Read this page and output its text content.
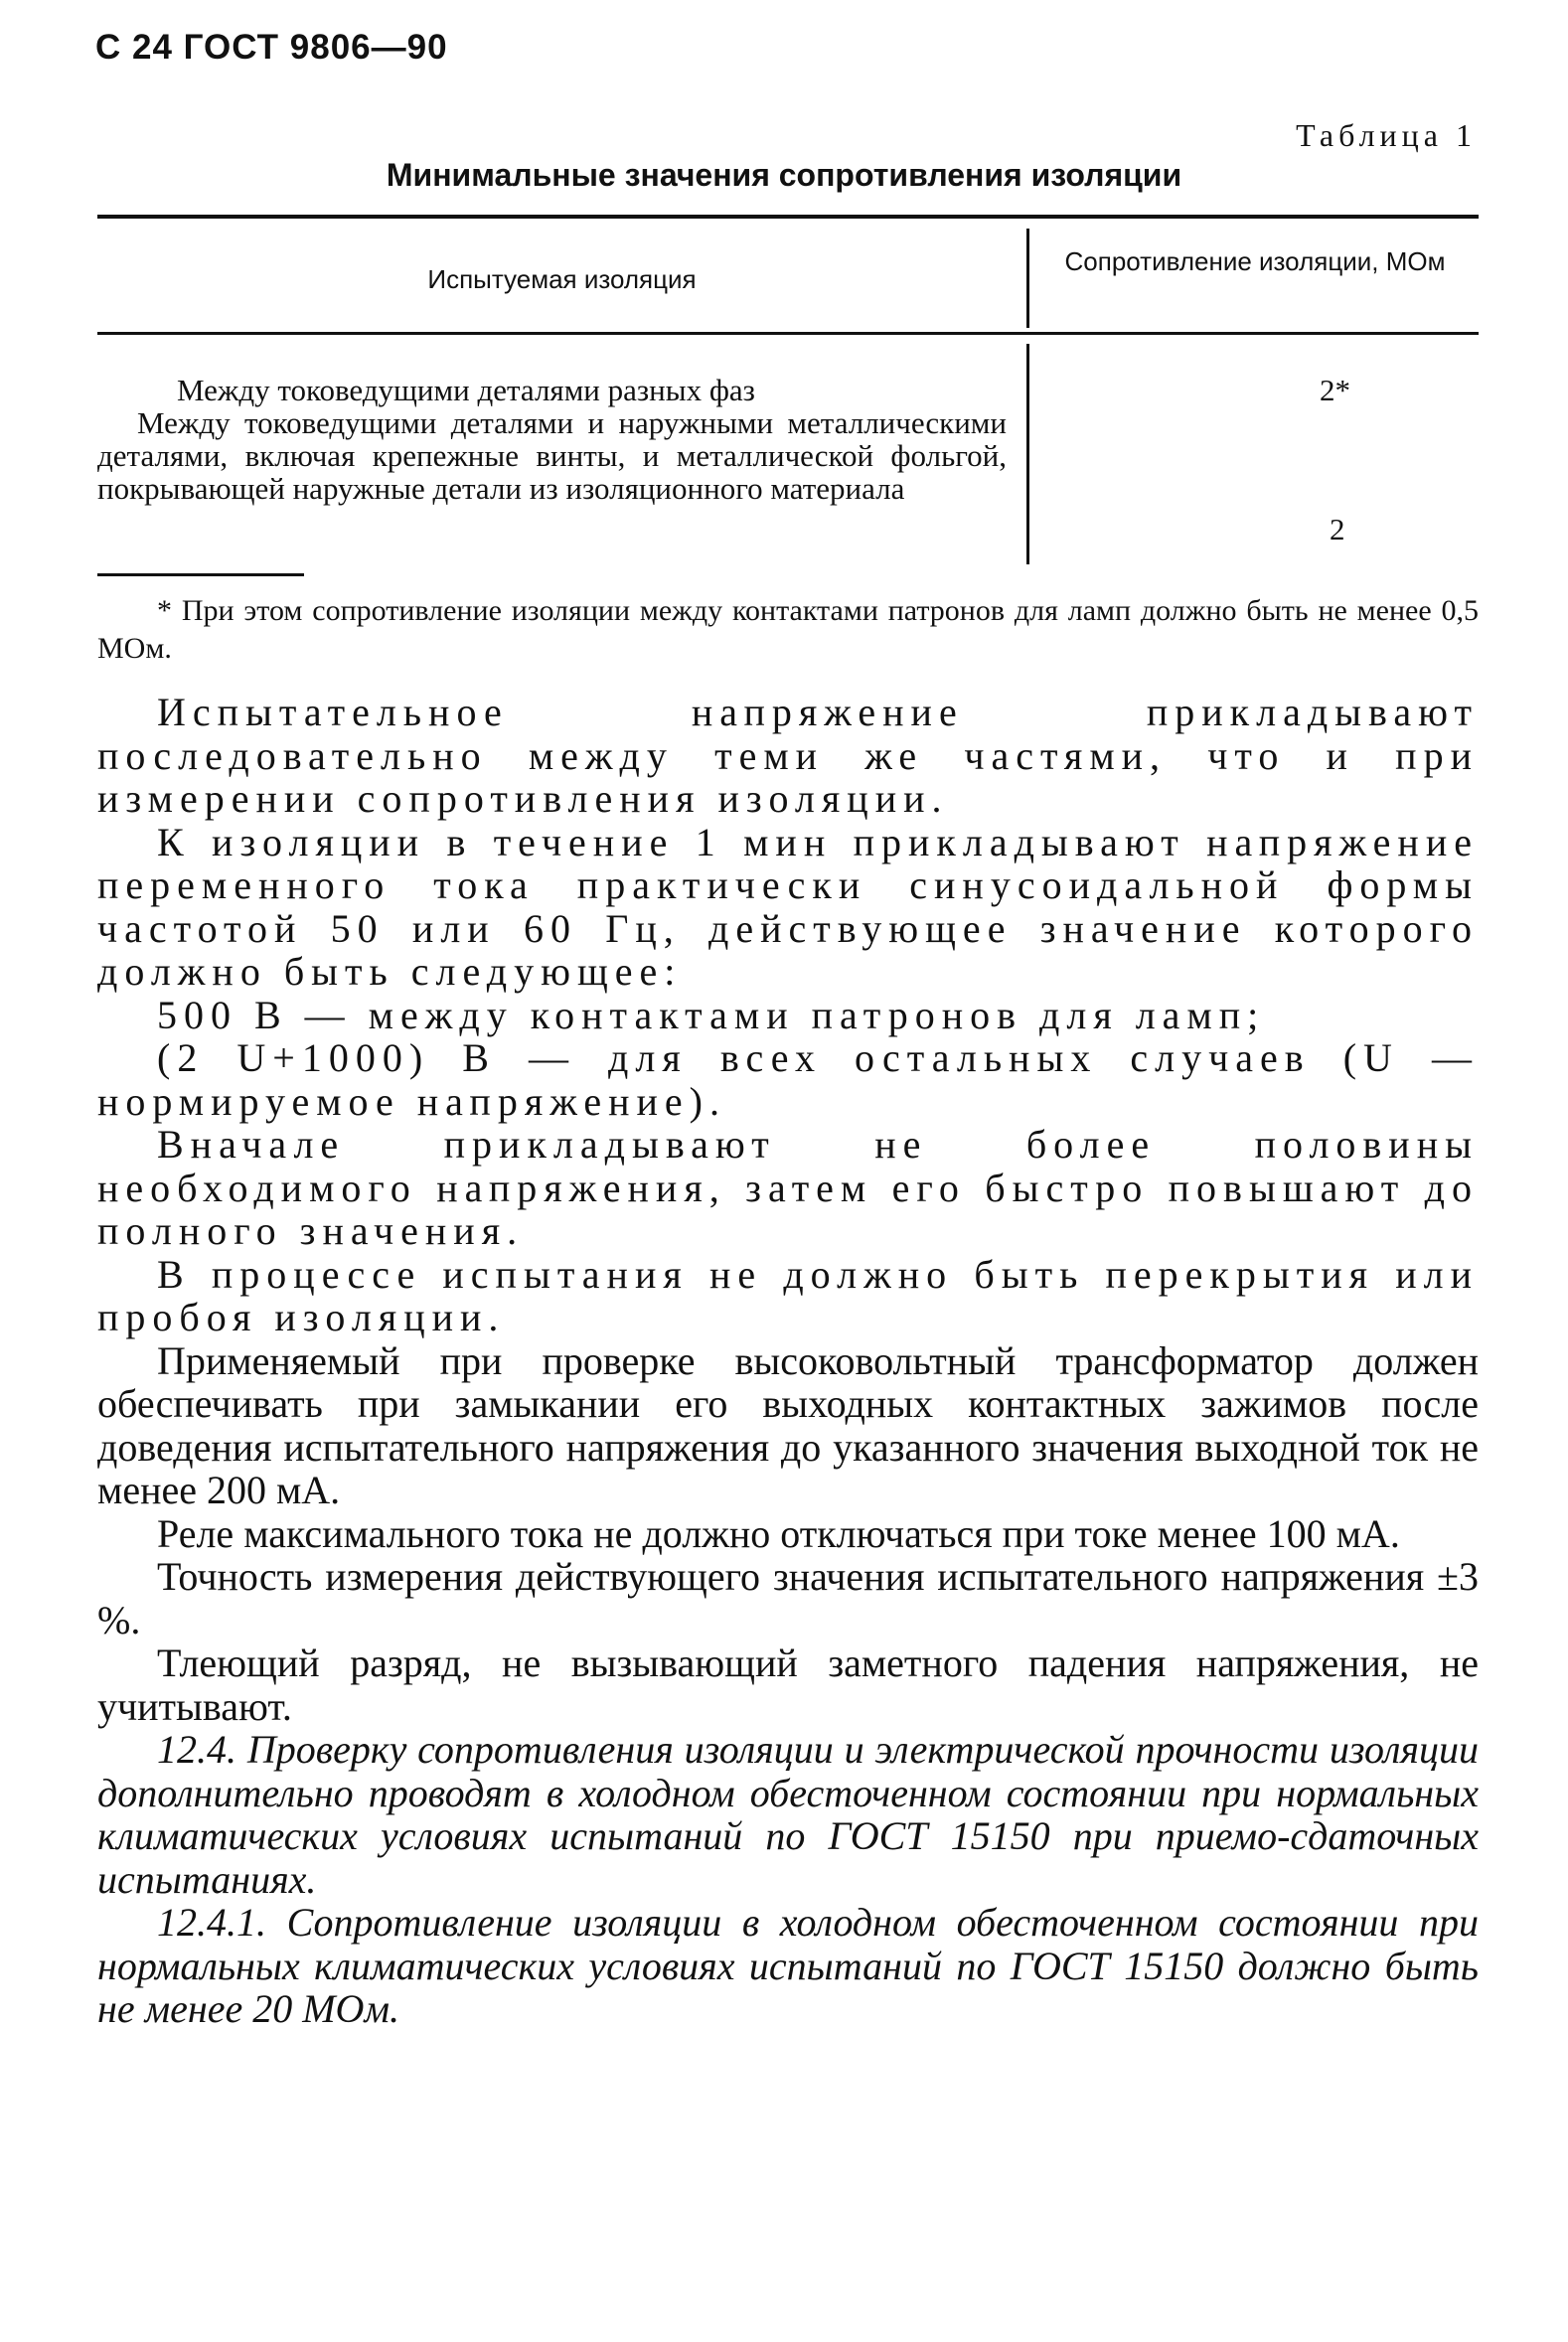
С 24 ГОСТ 9806—90
Таблица 1
Минимальные значения сопротивления изоляции
Испытуемая изоляция
Сопротивление изоляции, МОм
Между токоведущими деталями разных фаз	2*
Между токоведущими деталями и наружными металлическими деталями, включая крепежные винты, и металлической фольгой, покрывающей наружные детали из изоляционного материала
2
* При этом сопротивление изоляции между контактами патронов для ламп должно быть не менее 0,5 МОм.

Испытательное напряжение прикладывают последовательно между теми же частями, что и при измерении сопротивления изоляции.

К изоляции в течение 1 мин прикладывают напряжение переменного тока практически синусоидальной формы частотой 50 или 60 Гц, действующее значение которого должно быть следующее:

500 В — между контактами патронов для ламп;

(2 U+1000) В — для всех остальных случаев (U — нормируемое напряжение).

Вначале прикладывают не более половины необходимого напряжения, затем его быстро повышают до полного значения.

В процессе испытания не должно быть перекрытия или пробоя изоляции.

Применяемый при проверке высоковольтный трансформатор должен обеспечивать при замыкании его выходных контактных зажимов после доведения испытательного напряжения до указанного значения выходной ток не менее 200 мА.

Реле максимального тока не должно отключаться при токе менее 100 мА.

Точность измерения действующего значения испытательного напряжения ±3 %.

Тлеющий разряд, не вызывающий заметного падения напряжения, не учитывают.

12.4. Проверку сопротивления изоляции и электрической прочности изоляции дополнительно проводят в холодном обесточенном состоянии при нормальных климатических условиях испытаний по ГОСТ 15150 при приемо-сдаточных испытаниях.

12.4.1. Сопротивление изоляции в холодном обесточенном состоянии при нормальных климатических условиях испытаний по ГОСТ 15150 должно быть не менее 20 МОм.
